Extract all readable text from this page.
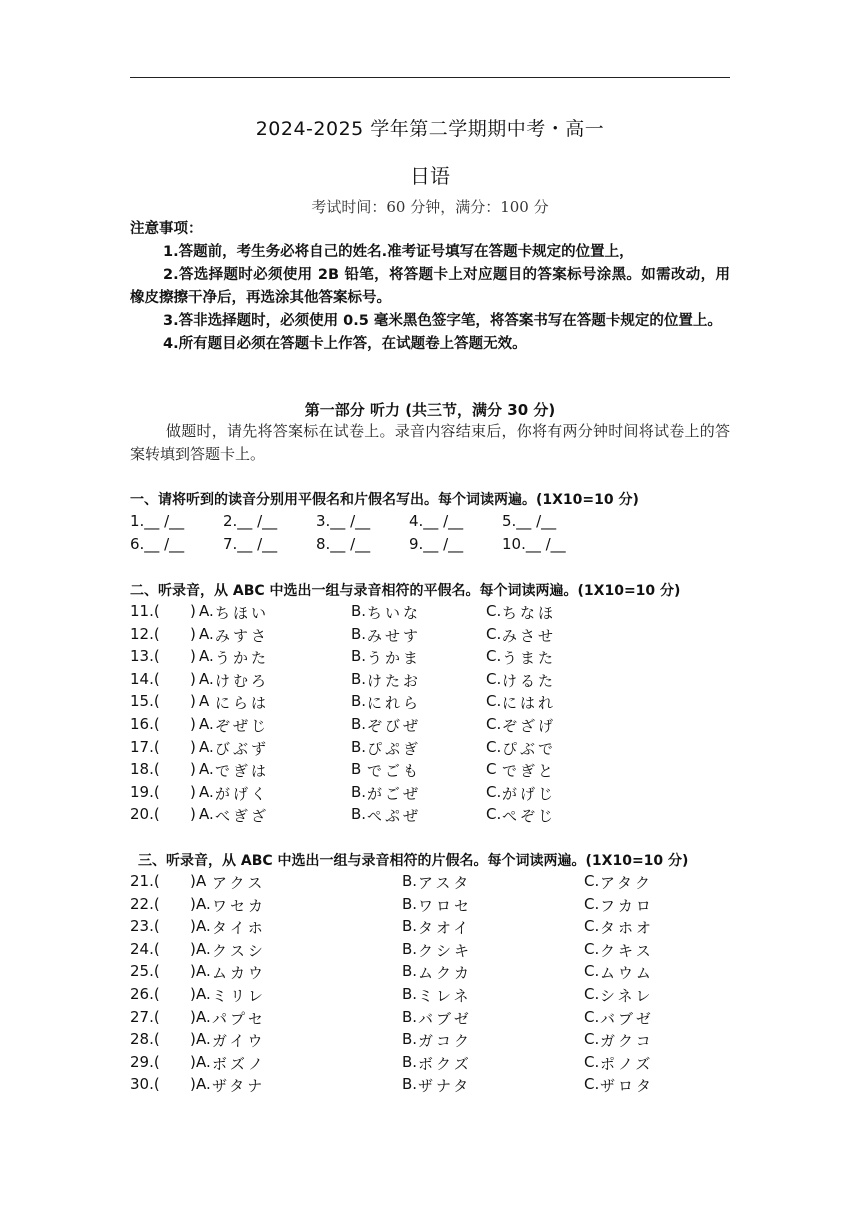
2024-2025 学年第二学期期中考・高一
日语
考试时间：60 分钟，满分：100 分
注意事项：
1.答题前，考生务必将自己的姓名.准考证号填写在答题卡规定的位置上，
2.答选择题时必须使用 2B 铅笔，将答题卡上对应题目的答案标号涂黑。如需改动，用橡皮擦擦干净后，再选涂其他答案标号。
3.答非选择题时，必须使用 0.5 毫米黑色签字笔，将答案书写在答题卡规定的位置上。
4.所有题目必须在答题卡上作答，在试题卷上答题无效。
第一部分 听力 (共三节，满分 30 分)
做题时，请先将答案标在试卷上。录音内容结束后，你将有两分钟时间将试卷上的答案转填到答题卡上。
一、请将听到的读音分别用平假名和片假名写出。每个词读两遍。(1X10=10 分)
1.__ /__	2.__ /__	3.__ /__	4.__ /__	5.__ /__
6.__ /__	7.__ /__	8.__ /__	9.__ /__	10.__ /__
二、听录音，从 ABC 中选出一组与录音相符的平假名。每个词读两遍。(1X10=10 分)
11.( ) A. ちほい	B. ちいな	C. ちなほ
12.( ) A. みすさ	B. みせす	C. みさせ
13.( ) A. うかた	B. うかま	C. うまた
14.( ) A. けむろ	B. けたお	C. けるた
15.( ) A にらは	B. にれら	C. にはれ
16.( ) A. ぞぜじ	B. ぞびぜ	C. ぞざげ
17.( ) A. びぶず	B. ぴぷぎ	C. ぴぶで
18.( ) A. でぎは	B でごも	C でぎと
19.( ) A. がげく	B. がごぜ	C. がげじ
20.( ) A. べぎざ	B. ぺぷぜ	C. ぺぞじ
三、听录音，从 ABC 中选出一组与录音相符的片假名。每个词读两遍。(1X10=10 分)
21.( ) A アクス	B. アスタ	C. アタク
22.( ) A. ワセカ	B. ワロセ	C. フカロ
23.( ) A. タイホ	B. タオイ	C. タホオ
24.( ) A. クスシ	B. クシキ	C. クキス
25.( ) A. ムカウ	B. ムクカ	C. ムウム
26.( ) A. ミリレ	B. ミレネ	C. シネレ
27.( ) A. パプセ	B. バブゼ	C. バブゼ
28.( ) A. ガイウ	B. ガコク	C. ガクコ
29.( ) A. ボズノ	B. ボクズ	C. ポノズ
30.( ) A. ザタナ	B. ザナタ	C. ザロタ
